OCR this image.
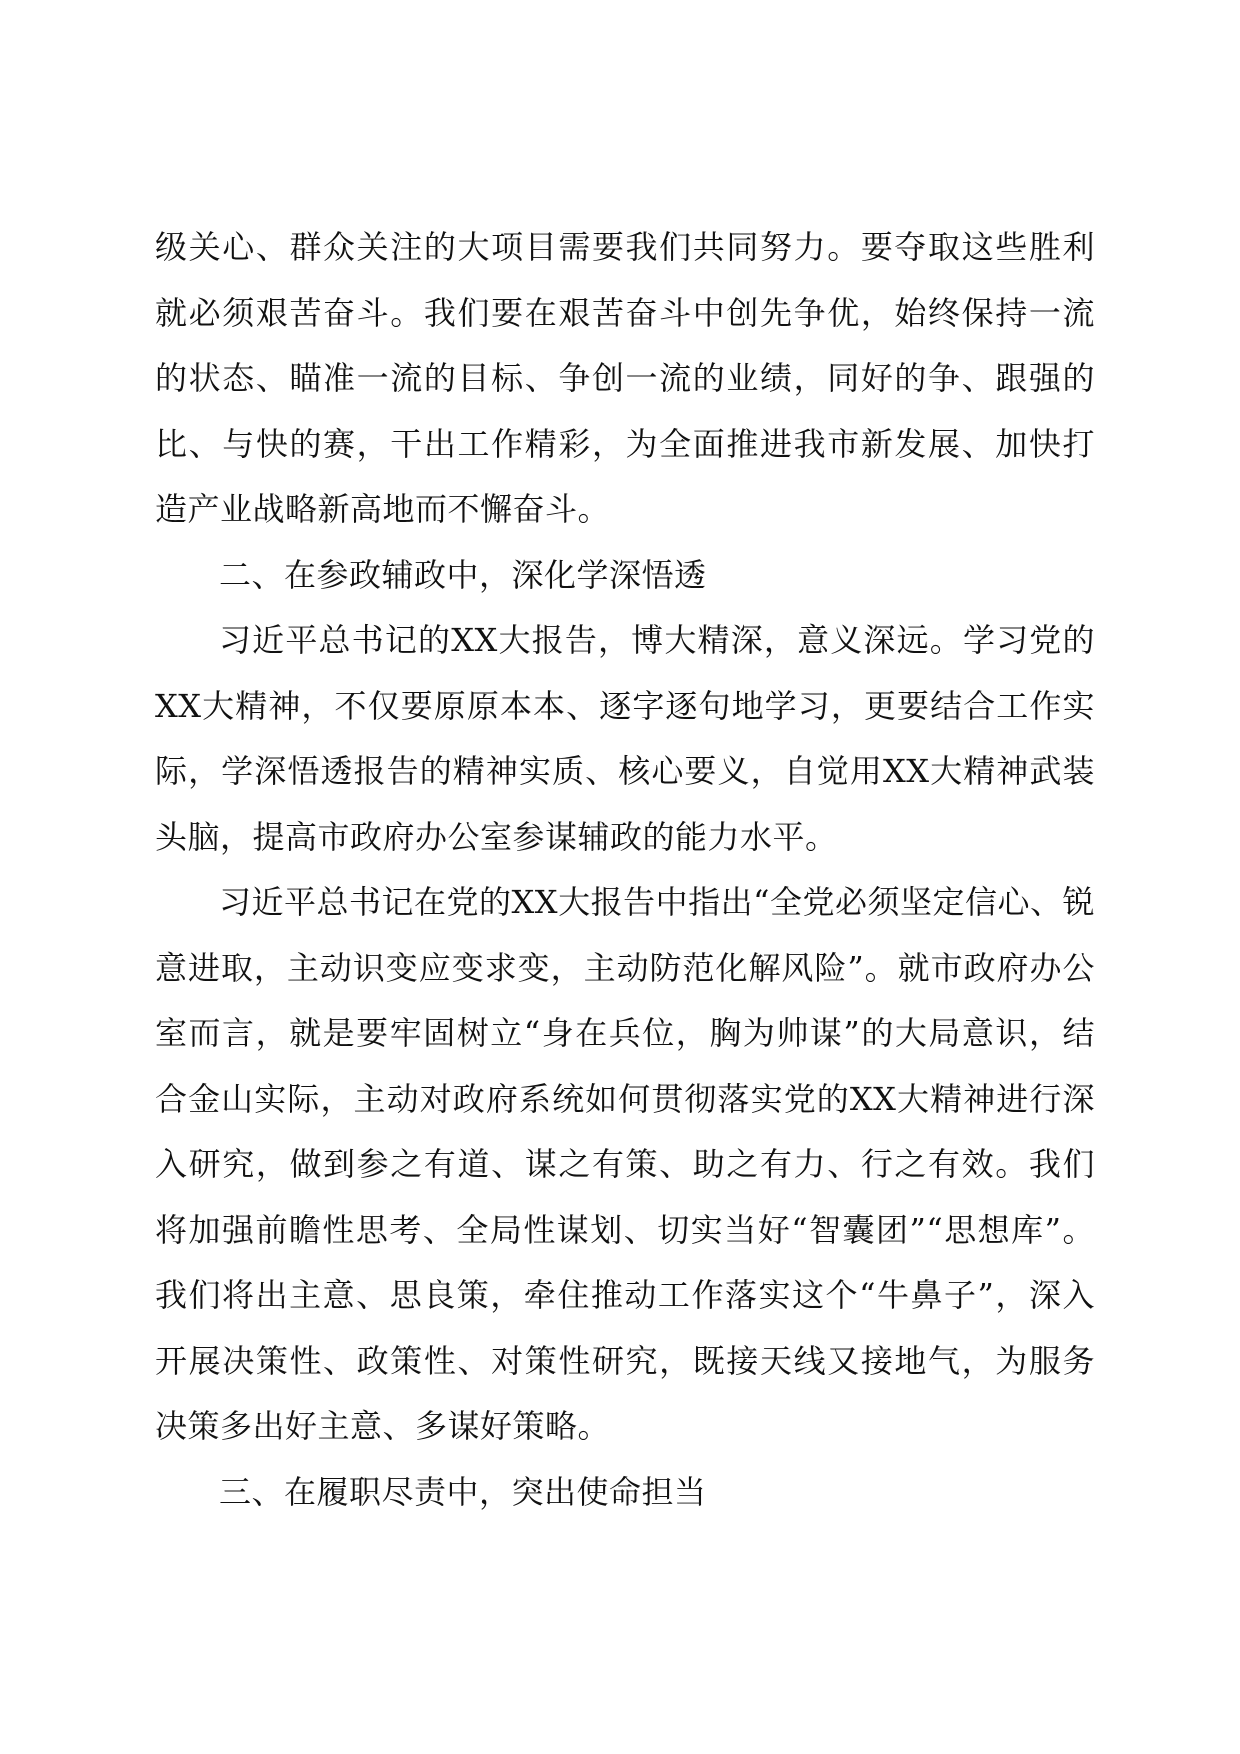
级关心、群众关注的大项目需要我们共同努力。要夺取这些胜利就必须艰苦奋斗。我们要在艰苦奋斗中创先争优，始终保持一流的状态、瞄准一流的目标、争创一流的业绩，同好的争、跟强的比、与快的赛，干出工作精彩，为全面推进我市新发展、加快打造产业战略新高地而不懈奋斗。

二、在参政辅政中，深化学深悟透

习近平总书记的XX大报告，博大精深，意义深远。学习党的XX大精神，不仅要原原本本、逐字逐句地学习，更要结合工作实际，学深悟透报告的精神实质、核心要义，自觉用XX大精神武装头脑，提高市政府办公室参谋辅政的能力水平。

习近平总书记在党的XX大报告中指出“全党必须坚定信心、锐意进取，主动识变应变求变，主动防范化解风险”。就市政府办公室而言，就是要牢固树立“身在兵位，胸为帅谋”的大局意识，结合金山实际，主动对政府系统如何贯彻落实党的XX大精神进行深入研究，做到参之有道、谋之有策、助之有力、行之有效。我们将加强前瞻性思考、全局性谋划、切实当好“智囊团”“思想库”。我们将出主意、思良策，牵住推动工作落实这个“牛鼻子”，深入开展决策性、政策性、对策性研究，既接天线又接地气，为服务决策多出好主意、多谋好策略。

三、在履职尽责中，突出使命担当
